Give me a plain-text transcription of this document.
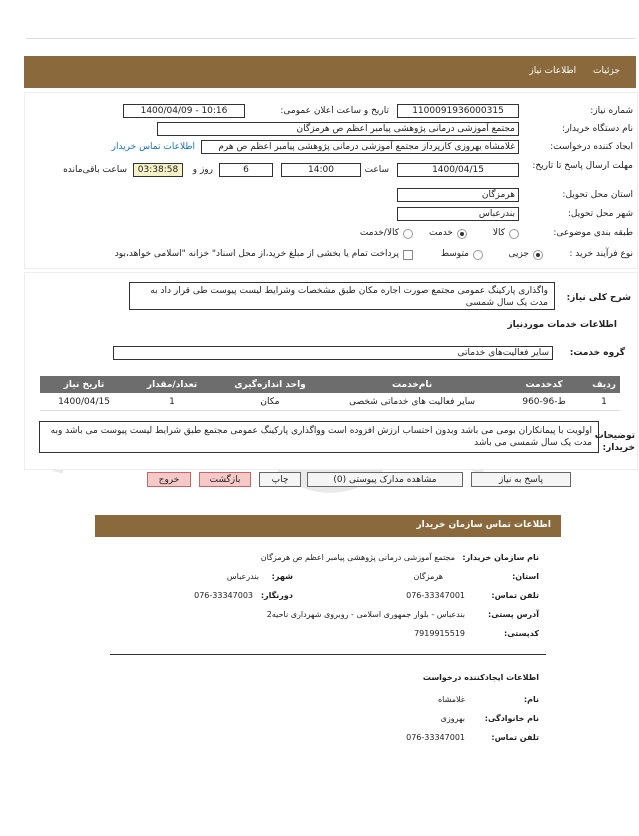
جزئیات اطلاعات نیاز
شماره نیاز:
1100091936000315
تاریخ و ساعت اعلان عمومی:
1400/04/09 - 10:16
نام دستگاه خریدار:
مجتمع آموزشی درمانی پژوهشی پیامبر اعظم ص هرمزگان
ایجاد کننده درخواست:
غلامشاه بهروزی کارپرداز مجتمع آموزشی درمانی پژوهشی پیامبر اعظم ص هرم
اطلاعات تماس خریدار
مهلت ارسال پاسخ تا تاریخ:
1400/04/15
ساعت
14:00
6
روز و
03:38:58
ساعت باقی‌مانده
استان محل تحویل:
هرمزگان
شهر محل تحویل:
بندرعباس
طبقه بندی موضوعی:
کالا
خدمت
کالا/خدمت
نوع فرآیند خرید :
جزیی
متوسط
پرداخت تمام یا بخشی از مبلغ خرید،از محل اسناد" خزانه "اسلامی خواهد،بود
شرح کلی نیاز:
واگذاری پارکینگ عمومی مجتمع صورت اجاره مکان طبق مشخصات وشرایط لیست پیوست طی قرار داد به مدت یک سال شمسی
اطلاعات خدمات مورد‌نیاز
گروه خدمت:
سایر فعالیت‌های خدماتی
ردیف	کدخدمت	نام‌خدمت	واحد اندازه‌گیری	تعداد/مقدار	تاریخ نیاز
1	ط-96-960	سایر فعالیت های خدماتی شخصی	مکان	1	1400/04/15
توضیحات خریدار:
اولویت با پیمانکاران بومی می باشد وبدون احتساب ارزش افزوده است وواگذاری پارکینگ عمومی مجتمع طبق شرایط لیست پیوست می باشد وبه مدت یک سال شمسی می باشد
پاسخ به نیاز
مشاهده مدارک پیوستی (0)
چاپ
بازگشت
خروج
اطلاعات تماس سازمان خریدار
نام سازمان خریدار:
مجتمع آموزشی درمانی پژوهشی پیامبر اعظم ص هرمزگان
استان:
هرمزگان
شهر:
بندرعباس
تلفن تماس:
076-33347001
دورنگار:
076-33347003
آدرس پستی:
بندعباس - بلوار جمهوری اسلامی - روبروی شهرداری ناحیه2
کدپستی:
7919915519
اطلاعات ایجاد‌کننده درخواست
نام:
غلامشاه
نام خانوادگی:
بهروزی
تلفن تماس:
076-33347001
